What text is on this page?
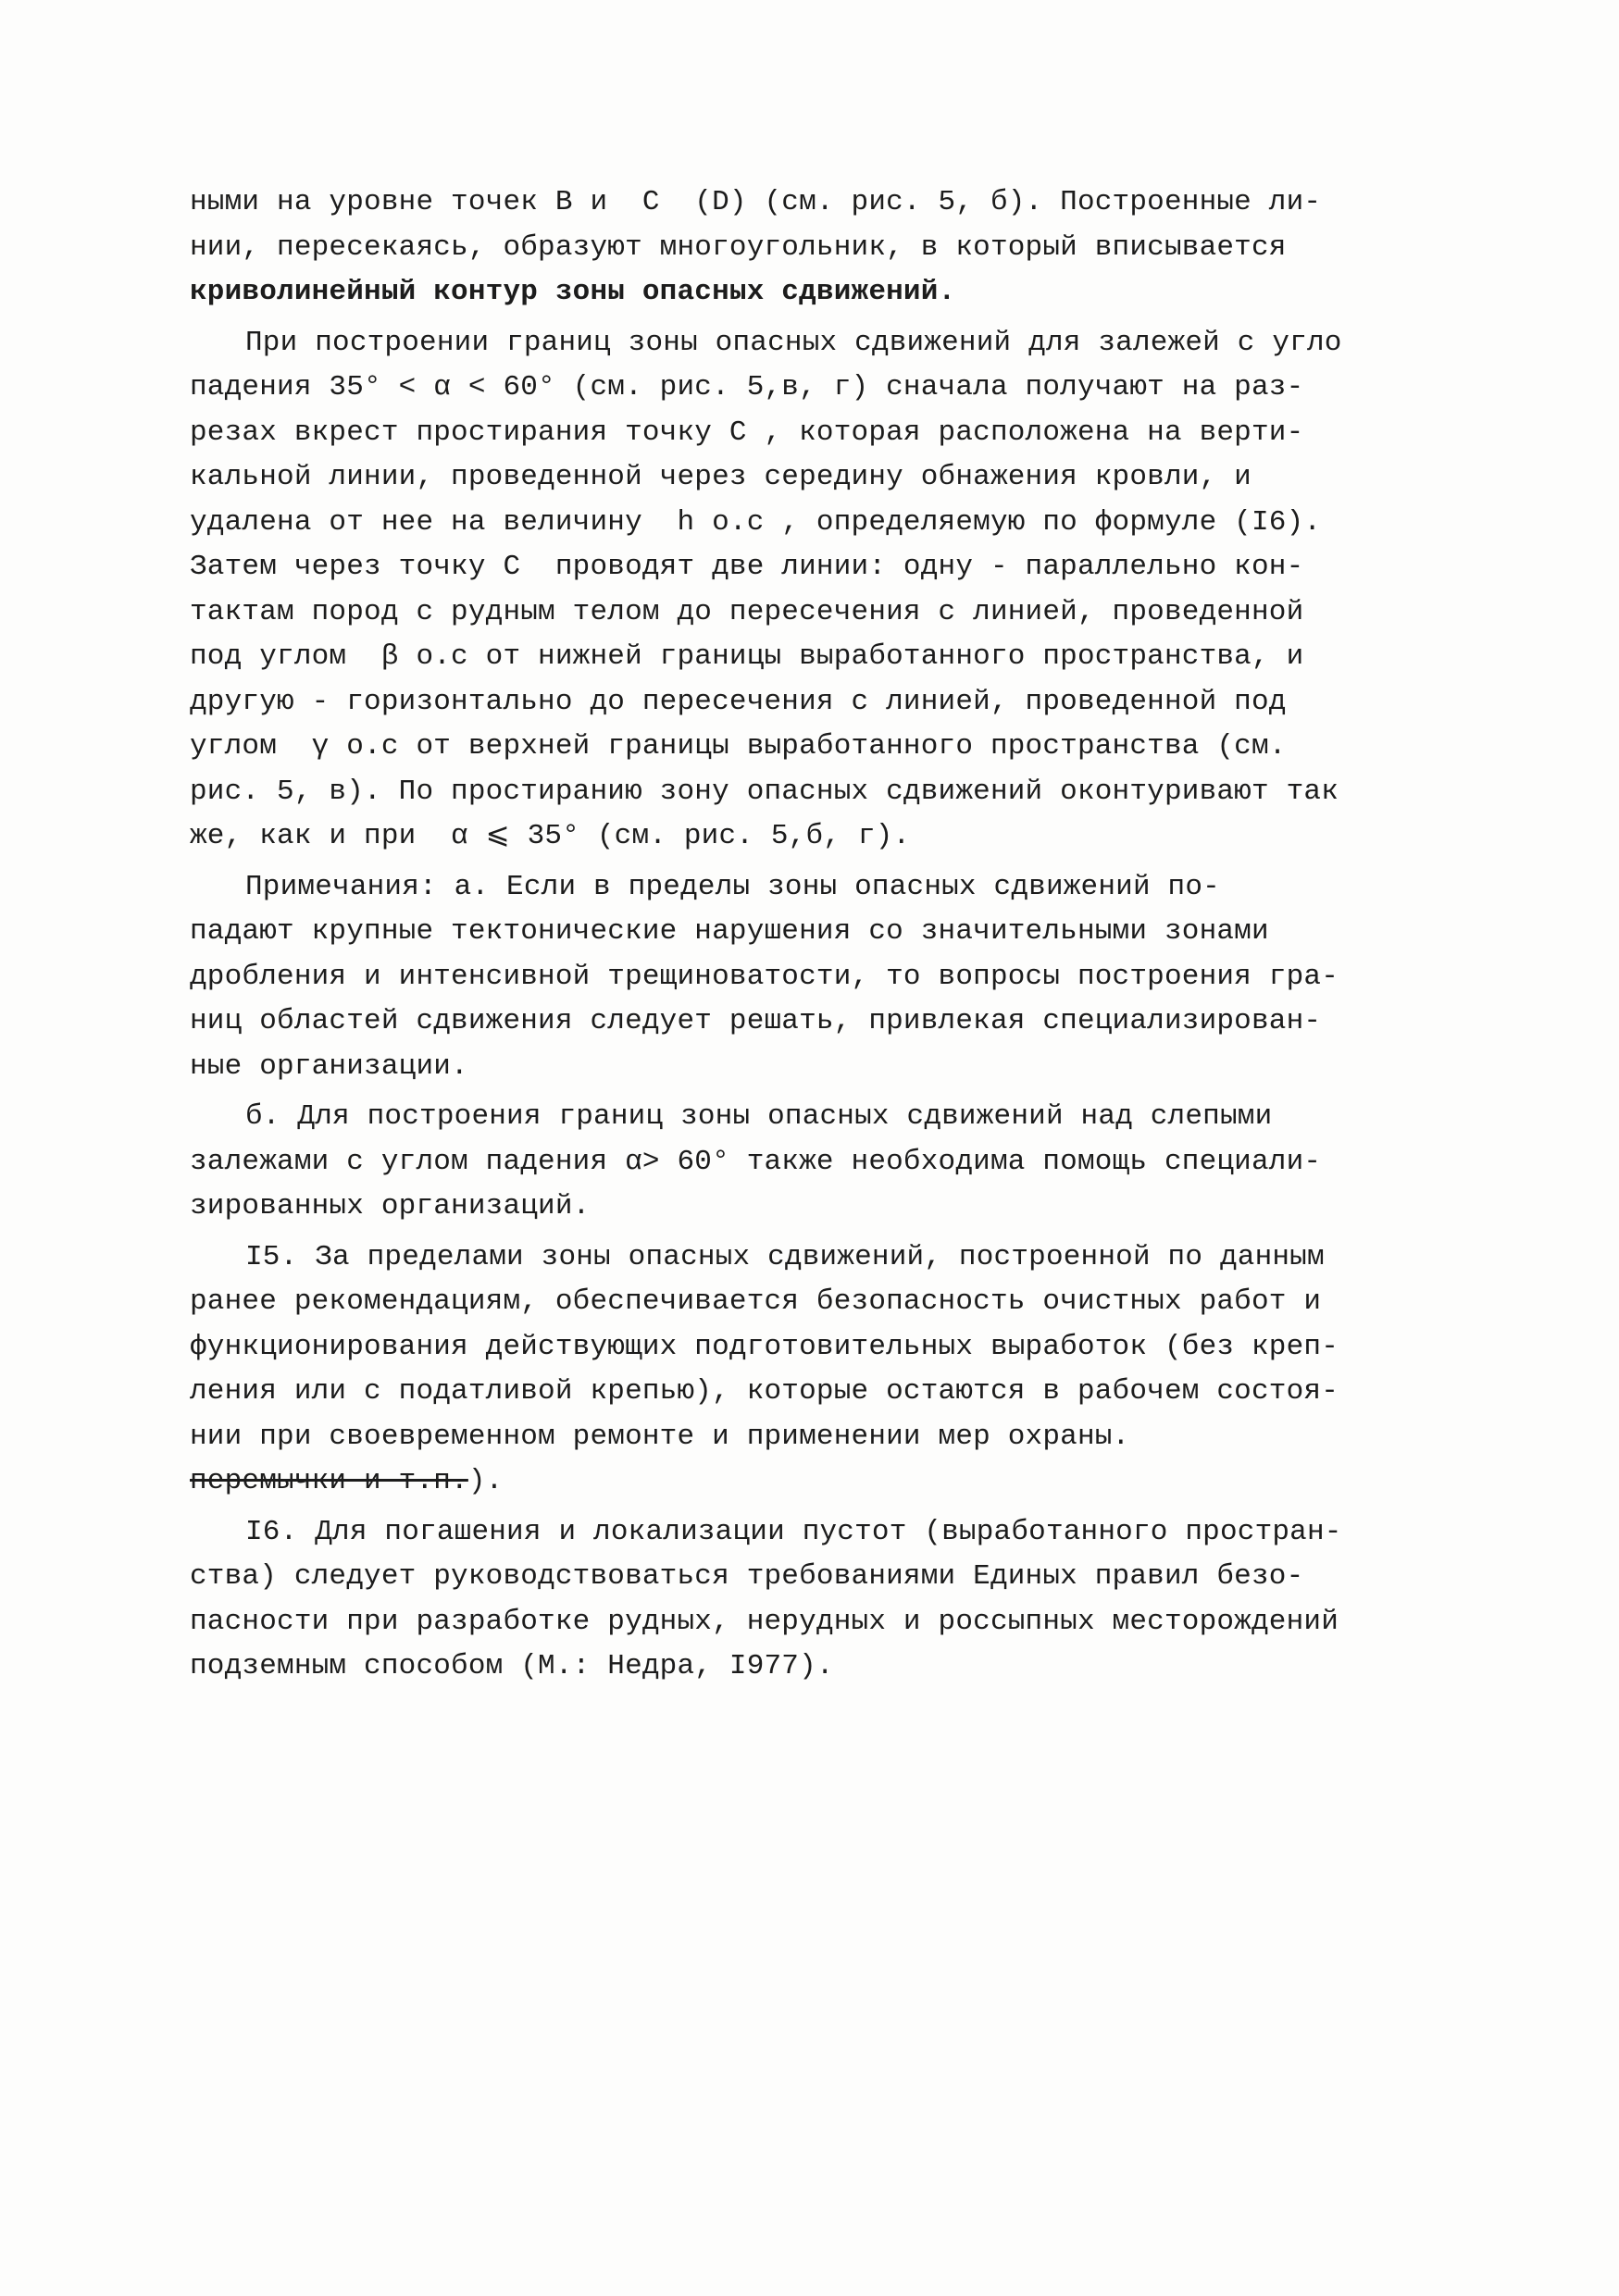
ными на уровне точек B и  C  (D) (см. рис. 5, б). Построенные ли-
нии, пересекаясь, образуют многоугольник, в который вписывается
криволинейный контур зоны опасных сдвижений.
При построении границ зоны опасных сдвижений для залежей с угло
падения 35° < α < 60° (см. рис. 5,в, г) сначала получают на раз-
резах вкрест простирания точку C , которая расположена на верти-
кальной линии, проведенной через середину обнажения кровли, и
удалена от нее на величину  h o.c , определяемую по формуле (I6).
Затем через точку C  проводят две линии: одну - параллельно кон-
тактам пород с рудным телом до пересечения с линией, проведенной
под углом  β o.c от нижней границы выработанного пространства, и
другую - горизонтально до пересечения с линией, проведенной под
углом  γ o.c от верхней границы выработанного пространства (см.
рис. 5, в). По простиранию зону опасных сдвижений оконтуривают так
же, как и при  α ⩽ 35° (см. рис. 5,б, г).
Примечания: а. Если в пределы зоны опасных сдвижений по-
падают крупные тектонические нарушения со значительными зонами
дробления и интенсивной трещиноватости, то вопросы построения гра-
ниц областей сдвижения следует решать, привлекая специализирован-
ные организации.
б. Для построения границ зоны опасных сдвижений над слепыми
залежами с углом падения α> 60° также необходима помощь специали-
зированных организаций.
I5. За пределами зоны опасных сдвижений, построенной по данным
ранее рекомендациям, обеспечивается безопасность очистных работ и
функционирования действующих подготовительных выработок (без креп-
ления или с податливой крепью), которые остаются в рабочем состоя-
нии при своевременном ремонте и применении мер охраны.
перемычки и т.п.).
I6. Для погашения и локализации пустот (выработанного простран-
ства) следует руководствоваться требованиями Единых правил безо-
пасности при разработке рудных, нерудных и россыпных месторождений
подземным способом (М.: Недра, I977).
